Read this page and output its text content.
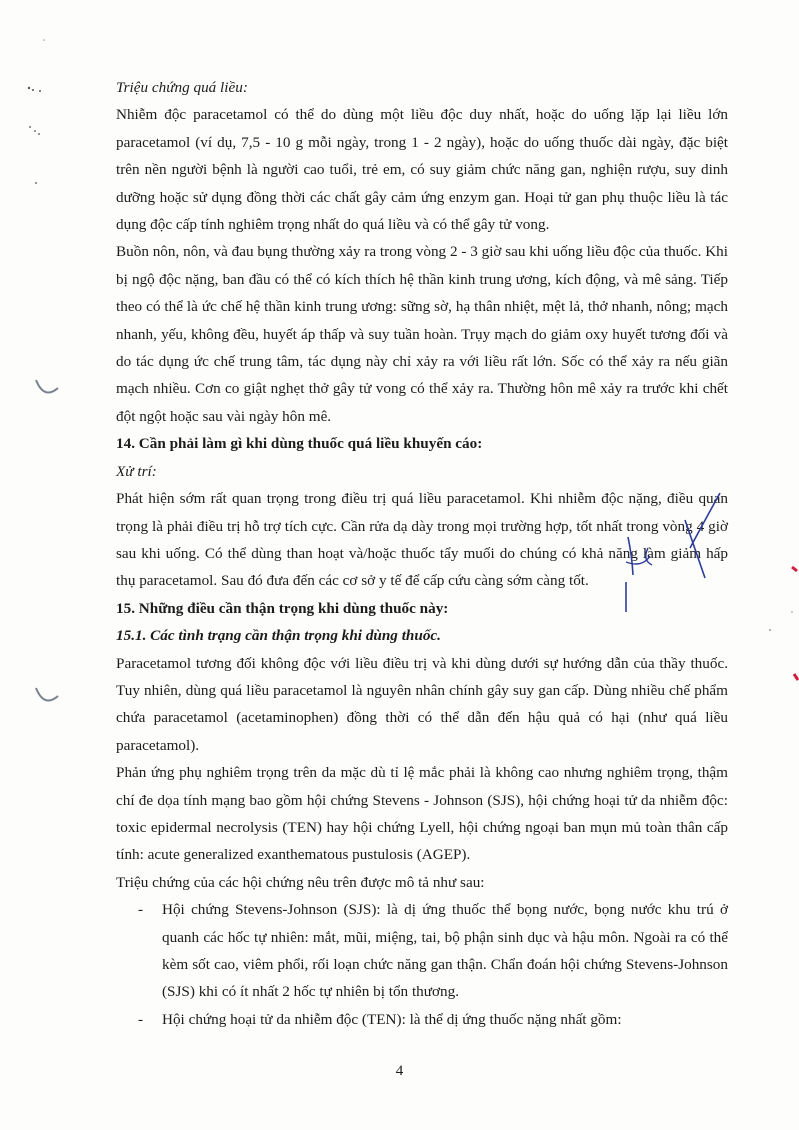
Triệu chứng quá liều:

Nhiễm độc paracetamol có thể do dùng một liều độc duy nhất, hoặc do uống lặp lại liều lớn paracetamol (ví dụ, 7,5 - 10 g mỗi ngày, trong 1 - 2 ngày), hoặc do uống thuốc dài ngày, đặc biệt trên nền người bệnh là người cao tuổi, trẻ em, có suy giảm chức năng gan, nghiện rượu, suy dinh dưỡng hoặc sử dụng đồng thời các chất gây cảm ứng enzym gan. Hoại tử gan phụ thuộc liều là tác dụng độc cấp tính nghiêm trọng nhất do quá liều và có thể gây tử vong.

Buồn nôn, nôn, và đau bụng thường xảy ra trong vòng 2 - 3 giờ sau khi uống liều độc của thuốc. Khi bị ngộ độc nặng, ban đầu có thể có kích thích hệ thần kinh trung ương, kích động, và mê sảng. Tiếp theo có thể là ức chế hệ thần kinh trung ương: sững sờ, hạ thân nhiệt, mệt lả, thở nhanh, nông; mạch nhanh, yếu, không đều, huyết áp thấp và suy tuần hoàn. Trụy mạch do giảm oxy huyết tương đối và do tác dụng ức chế trung tâm, tác dụng này chỉ xảy ra với liều rất lớn. Sốc có thể xảy ra nếu giãn mạch nhiều. Cơn co giật nghẹt thở gây tử vong có thể xảy ra. Thường hôn mê xảy ra trước khi chết đột ngột hoặc sau vài ngày hôn mê.

14. Cần phải làm gì khi dùng thuốc quá liều khuyến cáo:

Xử trí:

Phát hiện sớm rất quan trọng trong điều trị quá liều paracetamol. Khi nhiễm độc nặng, điều quan trọng là phải điều trị hỗ trợ tích cực. Cần rửa dạ dày trong mọi trường hợp, tốt nhất trong vòng 4 giờ sau khi uống. Có thể dùng than hoạt và/hoặc thuốc tẩy muối do chúng có khả năng làm giảm hấp thụ paracetamol. Sau đó đưa đến các cơ sở y tế để cấp cứu càng sớm càng tốt.

15. Những điều cần thận trọng khi dùng thuốc này:

15.1. Các tình trạng cần thận trọng khi dùng thuốc.

Paracetamol tương đối không độc với liều điều trị và khi dùng dưới sự hướng dẫn của thầy thuốc. Tuy nhiên, dùng quá liều paracetamol là nguyên nhân chính gây suy gan cấp. Dùng nhiều chế phẩm chứa paracetamol (acetaminophen) đồng thời có thể dẫn đến hậu quả có hại (như quá liều paracetamol).

Phản ứng phụ nghiêm trọng trên da mặc dù tỉ lệ mắc phải là không cao nhưng nghiêm trọng, thậm chí đe dọa tính mạng bao gồm hội chứng Stevens - Johnson (SJS), hội chứng hoại tử da nhiễm độc: toxic epidermal necrolysis (TEN) hay hội chứng Lyell, hội chứng ngoại ban mụn mủ toàn thân cấp tính: acute generalized exanthematous pustulosis (AGEP).

Triệu chứng của các hội chứng nêu trên được mô tả như sau:

- Hội chứng Stevens-Johnson (SJS): là dị ứng thuốc thể bọng nước, bọng nước khu trú ở quanh các hốc tự nhiên: mắt, mũi, miệng, tai, bộ phận sinh dục và hậu môn. Ngoài ra có thể kèm sốt cao, viêm phổi, rối loạn chức năng gan thận. Chẩn đoán hội chứng Stevens-Johnson (SJS) khi có ít nhất 2 hốc tự nhiên bị tổn thương.
- Hội chứng hoại tử da nhiễm độc (TEN): là thể dị ứng thuốc nặng nhất gồm:
4
